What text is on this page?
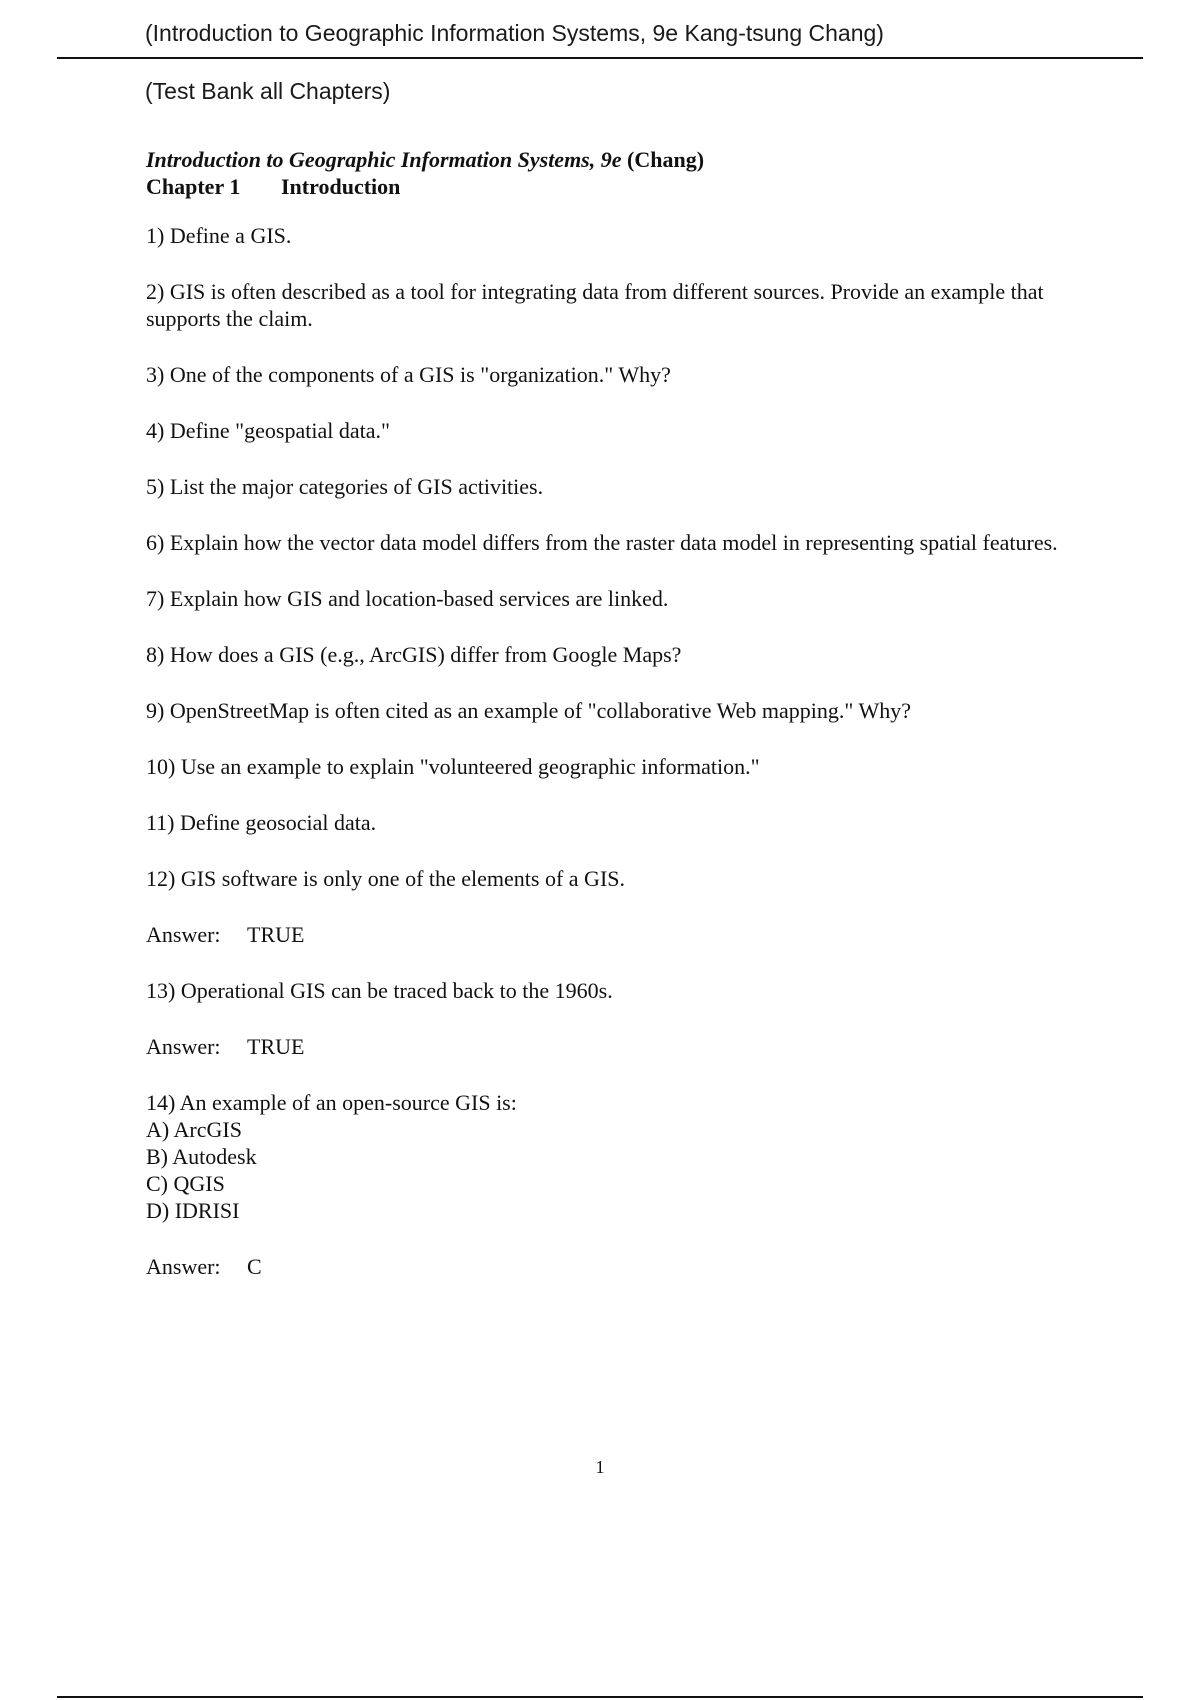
(Introduction to Geographic Information Systems, 9e Kang-tsung Chang)
(Test Bank all Chapters)
Introduction to Geographic Information Systems, 9e (Chang)
Chapter 1 Introduction
1) Define a GIS.
2) GIS is often described as a tool for integrating data from different sources. Provide an example that supports the claim.
3) One of the components of a GIS is "organization." Why?
4) Define "geospatial data."
5) List the major categories of GIS activities.
6) Explain how the vector data model differs from the raster data model in representing spatial features.
7) Explain how GIS and location-based services are linked.
8) How does a GIS (e.g., ArcGIS) differ from Google Maps?
9) OpenStreetMap is often cited as an example of "collaborative Web mapping." Why?
10) Use an example to explain "volunteered geographic information."
11) Define geosocial data.
12) GIS software is only one of the elements of a GIS.
Answer: TRUE
13) Operational GIS can be traced back to the 1960s.
Answer: TRUE
14) An example of an open-source GIS is:
A) ArcGIS
B) Autodesk
C) QGIS
D) IDRISI
Answer: C
1
